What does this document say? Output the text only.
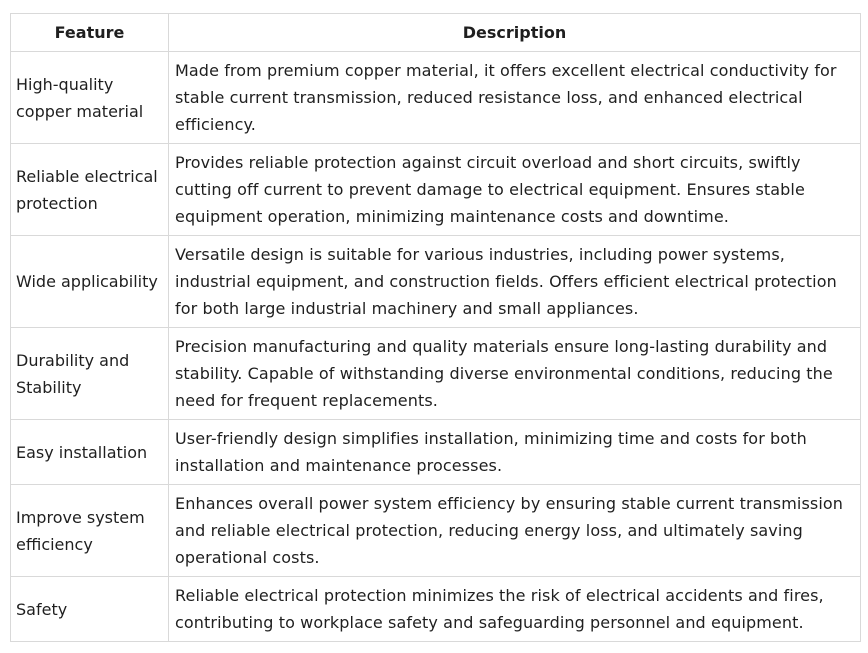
Feature	Description
High-quality copper material	Made from premium copper material, it offers excellent electrical conductivity for stable current transmission, reduced resistance loss, and enhanced electrical efficiency.
Reliable electrical protection	Provides reliable protection against circuit overload and short circuits, swiftly cutting off current to prevent damage to electrical equipment. Ensures stable equipment operation, minimizing maintenance costs and downtime.
Wide applicability	Versatile design is suitable for various industries, including power systems, industrial equipment, and construction fields. Offers efficient electrical protection for both large industrial machinery and small appliances.
Durability and Stability	Precision manufacturing and quality materials ensure long-lasting durability and stability. Capable of withstanding diverse environmental conditions, reducing the need for frequent replacements.
Easy installation	User-friendly design simplifies installation, minimizing time and costs for both installation and maintenance processes.
Improve system efficiency	Enhances overall power system efficiency by ensuring stable current transmission and reliable electrical protection, reducing energy loss, and ultimately saving operational costs.
Safety	Reliable electrical protection minimizes the risk of electrical accidents and fires, contributing to workplace safety and safeguarding personnel and equipment.
